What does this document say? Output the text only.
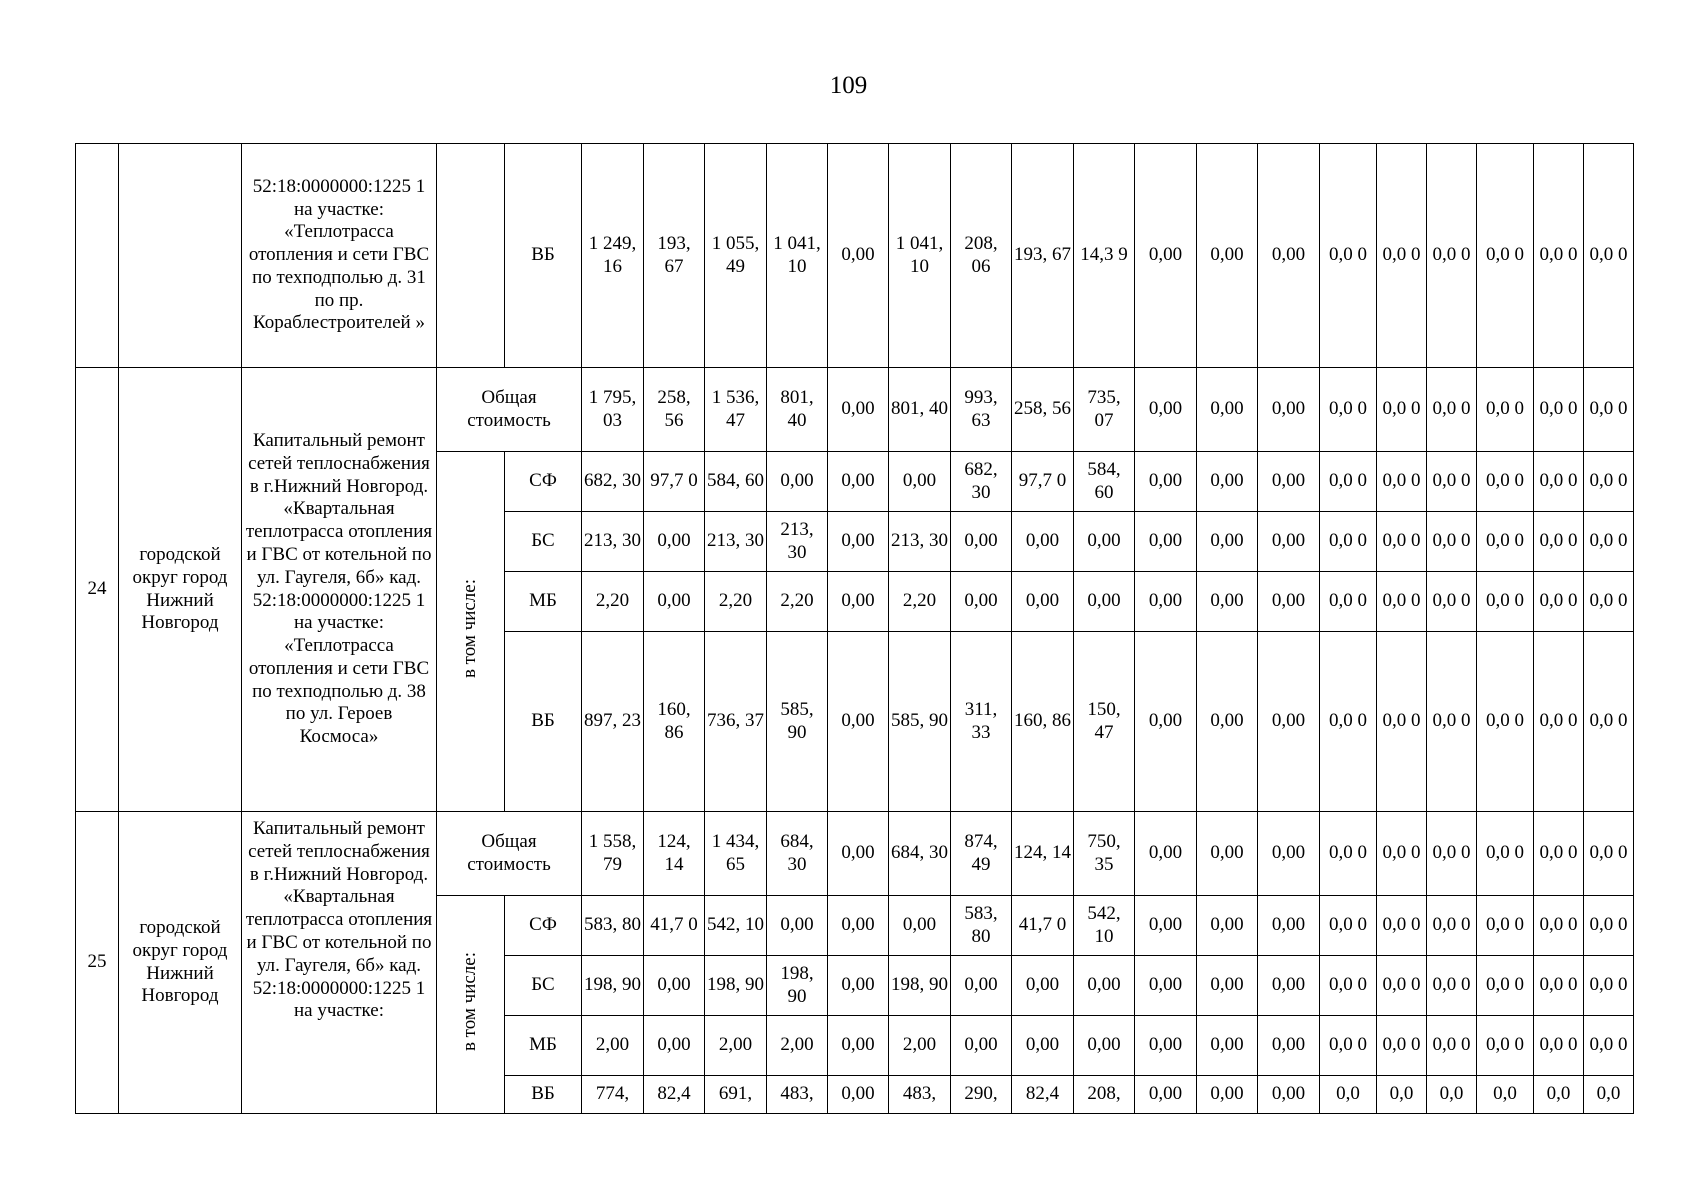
109
		52:18:0000000:1225 1 на участке: «Теплотрасса отопления и сети ГВС по техподполью д. 31 по пр. Кораблестроителей »		ВБ	1 249, 16	193, 67	1 055, 49	1 041, 10	0,00	1 041, 10	208, 06	193, 67	14,3 9	0,00	0,00	0,00	0,0 0	0,0 0	0,0 0	0,0 0	0,0 0	0,0 0
24	городской округ город Нижний Новгород	Капитальный ремонт сетей теплоснабжения в г.Нижний Новгород. «Квартальная теплотрасса отопления и ГВС от котельной по ул. Гаугеля, 6б» кад. 52:18:0000000:1225 1 на участке: «Теплотрасса отопления и сети ГВС по техподполью д. 38 по ул. Героев Космоса»	Общая стоимость		1 795, 03	258, 56	1 536, 47	801, 40	0,00	801, 40	993, 63	258, 56	735, 07	0,00	0,00	0,00	0,0 0	0,0 0	0,0 0	0,0 0	0,0 0	0,0 0
			в том числе:	СФ	682, 30	97,7 0	584, 60	0,00	0,00	0,00	682, 30	97,7 0	584, 60	0,00	0,00	0,00	0,0 0	0,0 0	0,0 0	0,0 0	0,0 0	0,0 0
				БС	213, 30	0,00	213, 30	213, 30	0,00	213, 30	0,00	0,00	0,00	0,00	0,00	0,00	0,0 0	0,0 0	0,0 0	0,0 0	0,0 0	0,0 0
				МБ	2,20	0,00	2,20	2,20	0,00	2,20	0,00	0,00	0,00	0,00	0,00	0,00	0,0 0	0,0 0	0,0 0	0,0 0	0,0 0	0,0 0
				ВБ	897, 23	160, 86	736, 37	585, 90	0,00	585, 90	311, 33	160, 86	150, 47	0,00	0,00	0,00	0,0 0	0,0 0	0,0 0	0,0 0	0,0 0	0,0 0
25	городской округ город Нижний Новгород	Капитальный ремонт сетей теплоснабжения в г.Нижний Новгород. «Квартальная теплотрасса отопления и ГВС от котельной по ул. Гаугеля, 6б» кад. 52:18:0000000:1225 1 на участке:	Общая стоимость		1 558, 79	124, 14	1 434, 65	684, 30	0,00	684, 30	874, 49	124, 14	750, 35	0,00	0,00	0,00	0,0 0	0,0 0	0,0 0	0,0 0	0,0 0	0,0 0
			в том числе:	СФ	583, 80	41,7 0	542, 10	0,00	0,00	0,00	583, 80	41,7 0	542, 10	0,00	0,00	0,00	0,0 0	0,0 0	0,0 0	0,0 0	0,0 0	0,0 0
				БС	198, 90	0,00	198, 90	198, 90	0,00	198, 90	0,00	0,00	0,00	0,00	0,00	0,00	0,0 0	0,0 0	0,0 0	0,0 0	0,0 0	0,0 0
				МБ	2,00	0,00	2,00	2,00	0,00	2,00	0,00	0,00	0,00	0,00	0,00	0,00	0,0 0	0,0 0	0,0 0	0,0 0	0,0 0	0,0 0
				ВБ	774,	82,4	691,	483,	0,00	483,	290,	82,4	208,	0,00	0,00	0,00	0,0	0,0	0,0	0,0	0,0	0,0
